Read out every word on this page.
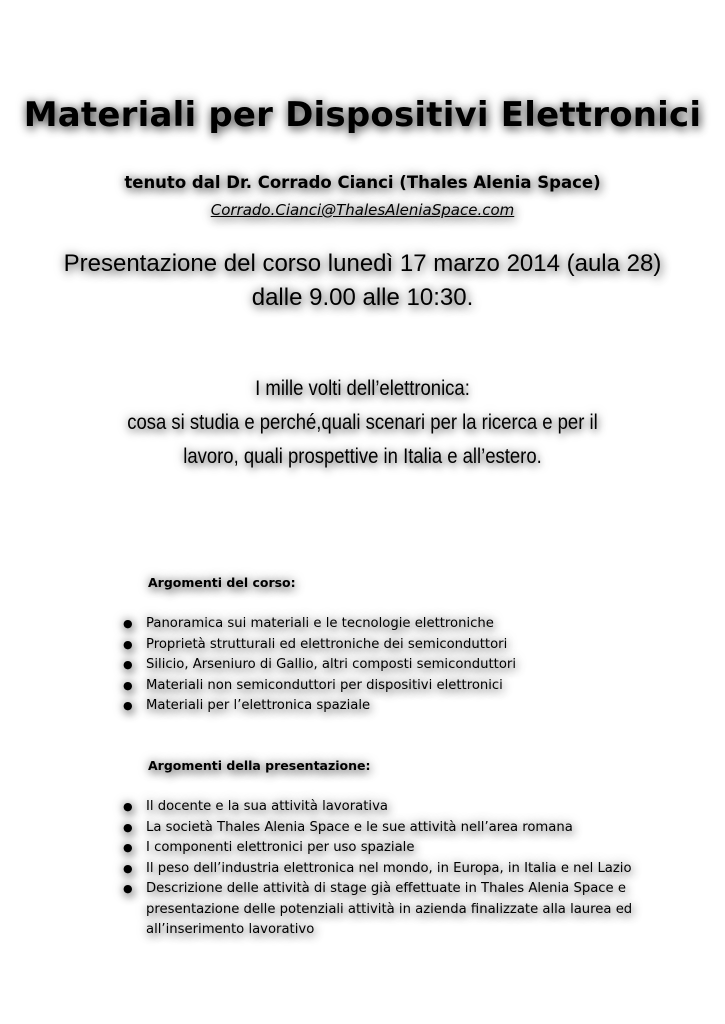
Materiali per Dispositivi Elettronici
tenuto dal Dr. Corrado Cianci (Thales Alenia Space)
Corrado.Cianci@ThalesAleniaSpace.com
Presentazione del corso lunedì 17 marzo 2014 (aula 28)
dalle 9.00 alle 10:30.
I mille volti dell’elettronica:
cosa si studia e perché,quali scenari per la ricerca e per il
lavoro, quali prospettive in Italia e all’estero.
Argomenti del corso:
● Panoramica sui materiali e le tecnologie elettroniche
● Proprietà strutturali ed elettroniche dei semiconduttori
● Silicio, Arseniuro di Gallio, altri composti semiconduttori
● Materiali non semiconduttori per dispositivi elettronici
● Materiali per l’elettronica spaziale
Argomenti della presentazione:
● Il docente e la sua attività lavorativa
● La società Thales Alenia Space e le sue attività nell’area romana
● I componenti elettronici per uso spaziale
● Il peso dell’industria elettronica nel mondo, in Europa, in Italia e nel Lazio
● Descrizione delle attività di stage già effettuate in Thales Alenia Space e presentazione delle potenziali attività in azienda finalizzate alla laurea ed all’inserimento lavorativo
